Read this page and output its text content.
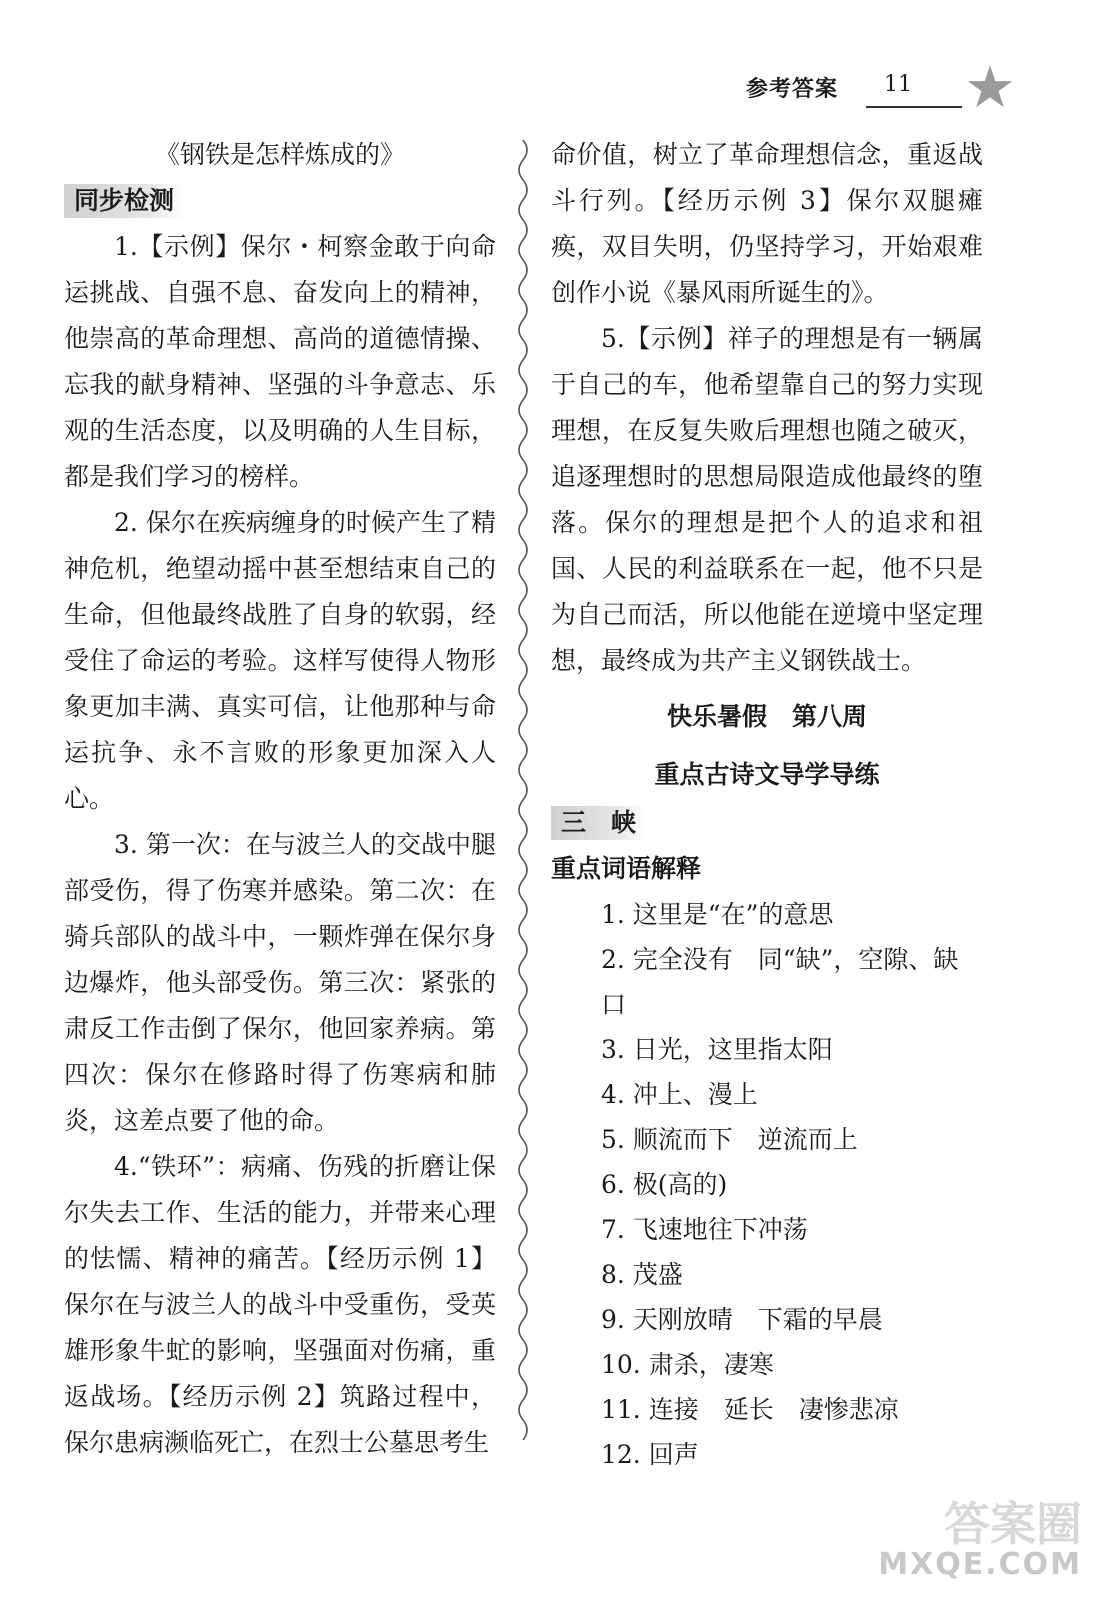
参考答案 11 ★
《钢铁是怎样炼成的》
同步检测

1.【示例】保尔・柯察金敢于向命运挑战、自强不息、奋发向上的精神，他崇高的革命理想、高尚的道德情操、忘我的献身精神、坚强的斗争意志、乐观的生活态度，以及明确的人生目标，都是我们学习的榜样。

2. 保尔在疾病缠身的时候产生了精神危机，绝望动摇中甚至想结束自己的生命，但他最终战胜了自身的软弱，经受住了命运的考验。这样写使得人物形象更加丰满、真实可信，让他那种与命运抗争、永不言败的形象更加深入人心。

3. 第一次：在与波兰人的交战中腿部受伤，得了伤寒并感染。第二次：在骑兵部队的战斗中，一颗炸弹在保尔身边爆炸，他头部受伤。第三次：紧张的肃反工作击倒了保尔，他回家养病。第四次：保尔在修路时得了伤寒病和肺炎，这差点要了他的命。

4.“铁环”：病痛、伤残的折磨让保尔失去工作、生活的能力，并带来心理的怯懦、精神的痛苦。【经历示例 1】保尔在与波兰人的战斗中受重伤，受英雄形象牛虻的影响，坚强面对伤痛，重返战场。【经历示例 2】筑路过程中，保尔患病濒临死亡，在烈士公墓思考生

命价值，树立了革命理想信念，重返战斗行列。【经历示例 3】保尔双腿瘫痪，双目失明，仍坚持学习，开始艰难创作小说《暴风雨所诞生的》。

5.【示例】祥子的理想是有一辆属于自己的车，他希望靠自己的努力实现理想，在反复失败后理想也随之破灭，追逐理想时的思想局限造成他最终的堕落。保尔的理想是把个人的追求和祖国、人民的利益联系在一起，他不只是为自己而活，所以他能在逆境中坚定理想，最终成为共产主义钢铁战士。

快乐暑假　第八周
重点古诗文导学导练
三　峡
重点词语解释

1. 这里是“在”的意思

2. 完全没有　同“缺”，空隙、缺口

3. 日光，这里指太阳

4. 冲上、漫上

5. 顺流而下　逆流而上

6. 极(高的)

7. 飞速地往下冲荡

8. 茂盛

9. 天刚放晴　下霜的早晨

10. 肃杀，凄寒

11. 连接　延长　凄惨悲凉

12. 回声

答案圈
MXQE.COM
